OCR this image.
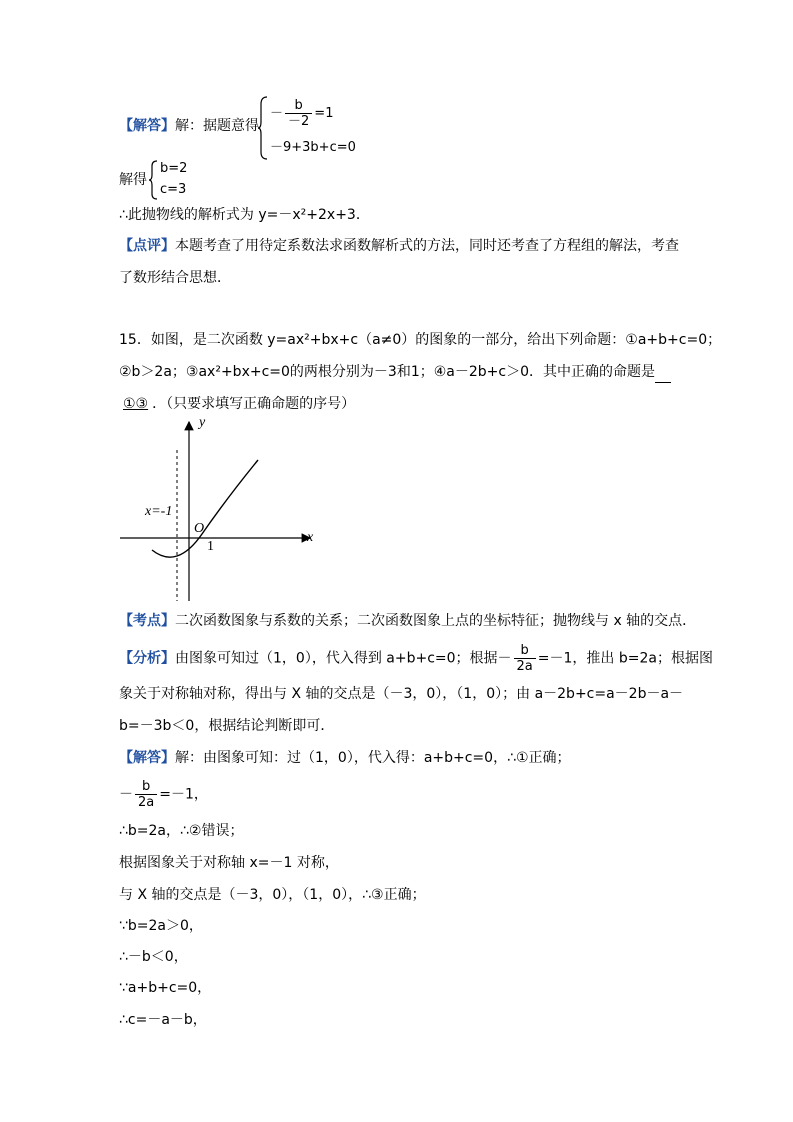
【解答】解：据题意得
－ $\frac{b}{-2} =1$
－9+3b+c=0
解得
b=2
c=3
∴此抛物线的解析式为 y=－x²+2x+3．
【点评】本题考查了用待定系数法求函数解析式的方法，同时还考查了方程组的解法，考查
了数形结合思想．
15．如图，是二次函数 y=ax²+bx+c（a≠0）的图象的一部分，给出下列命题：①a+b+c=0；
②b＞2a；③ax²+bx+c=0的两根分别为－3和1；④a－2b+c＞0．其中正确的命题是
①③ ．（只要求填写正确命题的序号）
y
x
x=-1
O
1
【考点】二次函数图象与系数的关系；二次函数图象上点的坐标特征；抛物线与 x 轴的交点．
【分析】由图象可知过（1，0），代入得到 a+b+c=0；根据－ $\frac{b}{2a} =-1$，推出 b=2a；根据图
象关于对称轴对称，得出与 X 轴的交点是（－3，0），（1，0）；由 a－2b+c=a－2b－a－
b=－3b＜0，根据结论判断即可．
【解答】解：由图象可知：过（1，0），代入得：a+b+c=0，∴①正确；
－ $\frac{b}{2a} =-1$，
∴b=2a，∴②错误；
根据图象关于对称轴 x=－1 对称，
与 X 轴的交点是（－3，0），（1，0），∴③正确；
∵b=2a＞0，
∴－b＜0，
∵a+b+c=0，
∴c=－a－b，
